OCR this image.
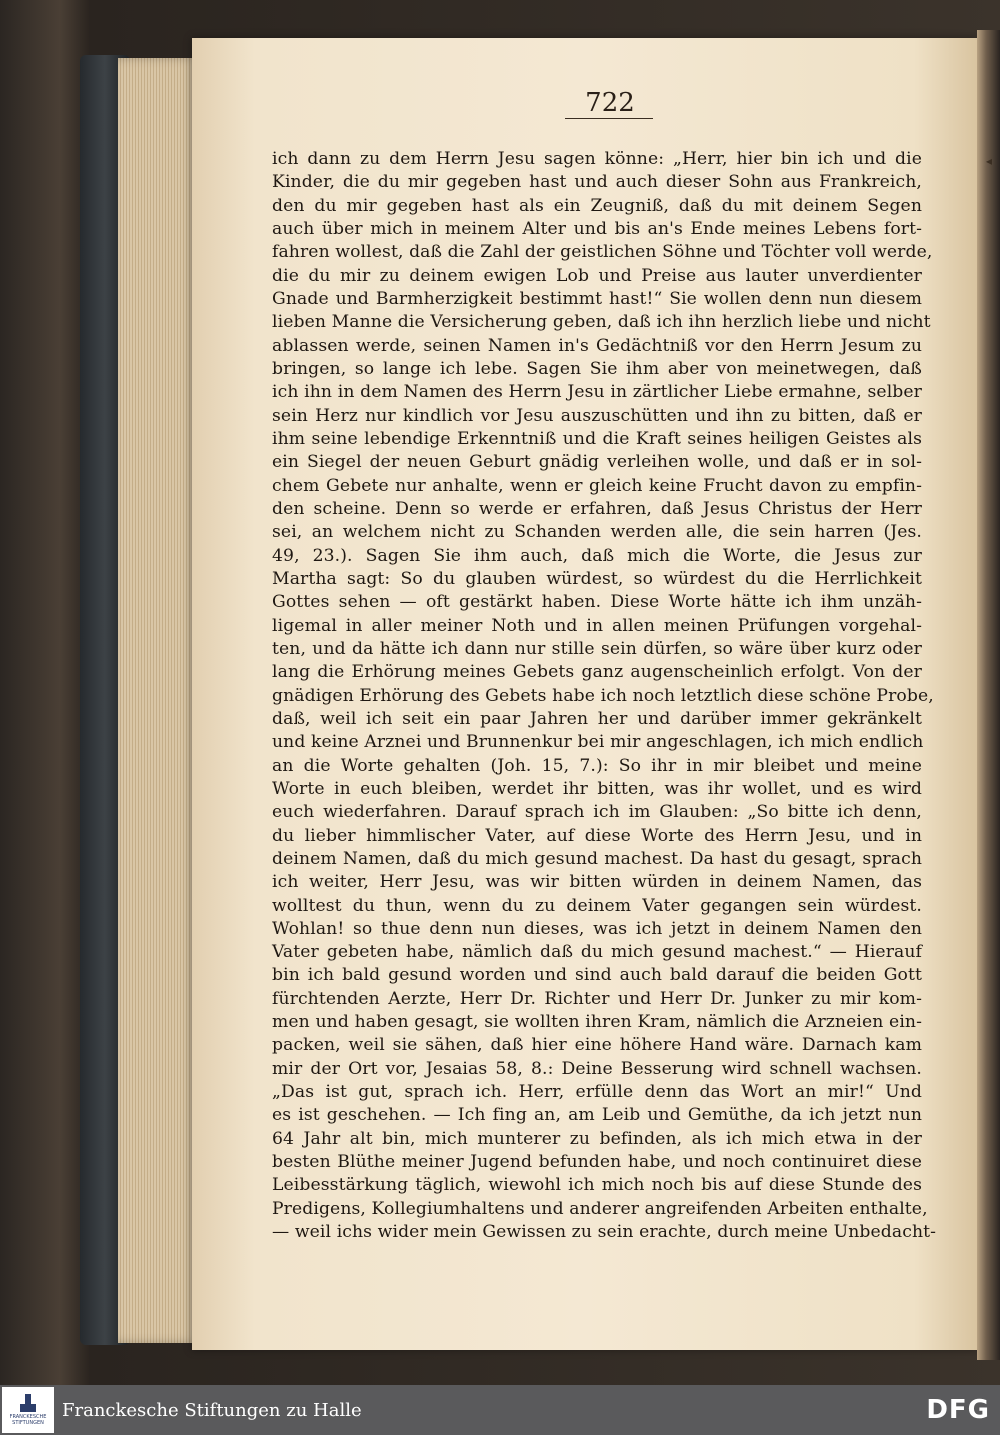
722
◂
ich dann zu dem Herrn Jesu sagen könne: „Herr, hier bin ich und die
Kinder, die du mir gegeben hast und auch dieser Sohn aus Frankreich,
den du mir gegeben hast als ein Zeugniß, daß du mit deinem Segen
auch über mich in meinem Alter und bis an's Ende meines Lebens fort-
fahren wollest, daß die Zahl der geistlichen Söhne und Töchter voll werde,
die du mir zu deinem ewigen Lob und Preise aus lauter unverdienter
Gnade und Barmherzigkeit bestimmt hast!“ Sie wollen denn nun diesem
lieben Manne die Versicherung geben, daß ich ihn herzlich liebe und nicht
ablassen werde, seinen Namen in's Gedächtniß vor den Herrn Jesum zu
bringen, so lange ich lebe. Sagen Sie ihm aber von meinetwegen, daß
ich ihn in dem Namen des Herrn Jesu in zärtlicher Liebe ermahne, selber
sein Herz nur kindlich vor Jesu auszuschütten und ihn zu bitten, daß er
ihm seine lebendige Erkenntniß und die Kraft seines heiligen Geistes als
ein Siegel der neuen Geburt gnädig verleihen wolle, und daß er in sol-
chem Gebete nur anhalte, wenn er gleich keine Frucht davon zu empfin-
den scheine. Denn so werde er erfahren, daß Jesus Christus der Herr
sei, an welchem nicht zu Schanden werden alle, die sein harren (Jes.
49, 23.). Sagen Sie ihm auch, daß mich die Worte, die Jesus zur
Martha sagt: So du glauben würdest, so würdest du die Herrlichkeit
Gottes sehen — oft gestärkt haben. Diese Worte hätte ich ihm unzäh-
ligemal in aller meiner Noth und in allen meinen Prüfungen vorgehal-
ten, und da hätte ich dann nur stille sein dürfen, so wäre über kurz oder
lang die Erhörung meines Gebets ganz augenscheinlich erfolgt. Von der
gnädigen Erhörung des Gebets habe ich noch letztlich diese schöne Probe,
daß, weil ich seit ein paar Jahren her und darüber immer gekränkelt
und keine Arznei und Brunnenkur bei mir angeschlagen, ich mich endlich
an die Worte gehalten (Joh. 15, 7.): So ihr in mir bleibet und meine
Worte in euch bleiben, werdet ihr bitten, was ihr wollet, und es wird
euch wiederfahren. Darauf sprach ich im Glauben: „So bitte ich denn,
du lieber himmlischer Vater, auf diese Worte des Herrn Jesu, und in
deinem Namen, daß du mich gesund machest. Da hast du gesagt, sprach
ich weiter, Herr Jesu, was wir bitten würden in deinem Namen, das
wolltest du thun, wenn du zu deinem Vater gegangen sein würdest.
Wohlan! so thue denn nun dieses, was ich jetzt in deinem Namen den
Vater gebeten habe, nämlich daß du mich gesund machest.“ — Hierauf
bin ich bald gesund worden und sind auch bald darauf die beiden Gott
fürchtenden Aerzte, Herr Dr. Richter und Herr Dr. Junker zu mir kom-
men und haben gesagt, sie wollten ihren Kram, nämlich die Arzneien ein-
packen, weil sie sähen, daß hier eine höhere Hand wäre. Darnach kam
mir der Ort vor, Jesaias 58, 8.: Deine Besserung wird schnell wachsen.
„Das ist gut, sprach ich. Herr, erfülle denn das Wort an mir!“ Und
es ist geschehen. — Ich fing an, am Leib und Gemüthe, da ich jetzt nun
64 Jahr alt bin, mich munterer zu befinden, als ich mich etwa in der
besten Blüthe meiner Jugend befunden habe, und noch continuiret diese
Leibesstärkung täglich, wiewohl ich mich noch bis auf diese Stunde des
Predigens, Kollegiumhaltens und anderer angreifenden Arbeiten enthalte,
— weil ichs wider mein Gewissen zu sein erachte, durch meine Unbedacht-
FRANCKESCHE STIFTUNGEN
Franckesche Stiftungen zu Halle	DFG
